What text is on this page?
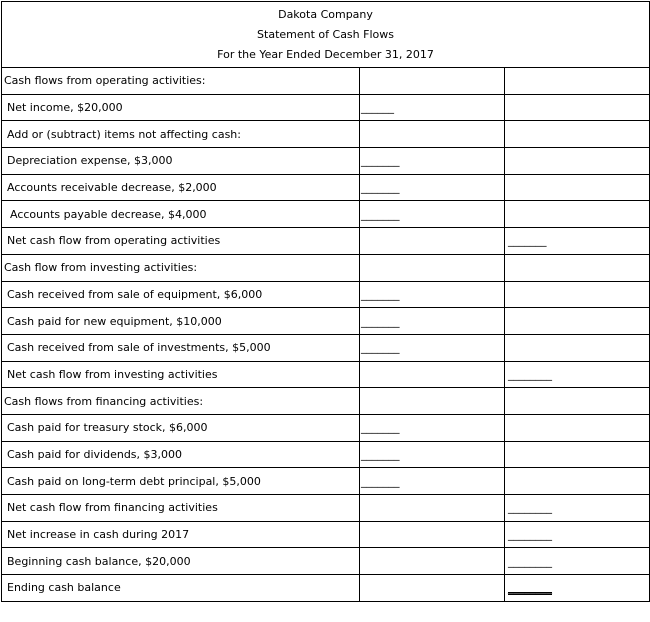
Dakota Company
Statement of Cash Flows
For the Year Ended December 31, 2017		

Cash flows from operating activities:		
Net income, $20,000	______	
Add or (subtract) items not affecting cash:		
Depreciation expense, $3,000	_______	
Accounts receivable decrease, $2,000	_______	
Accounts payable decrease, $4,000	_______	
Net cash flow from operating activities		_______
Cash flow from investing activities:		
Cash received from sale of equipment, $6,000	_______	
Cash paid for new equipment, $10,000	_______	
Cash received from sale of investments, $5,000	_______	
Net cash flow from investing activities		________
Cash flows from financing activities:		
Cash paid for treasury stock, $6,000	_______	
Cash paid for dividends, $3,000	_______	
Cash paid on long-term debt principal, $5,000	_______	
Net cash flow from financing activities		________
Net increase in cash during 2017		________
Beginning cash balance, $20,000		________
Ending cash balance		________
